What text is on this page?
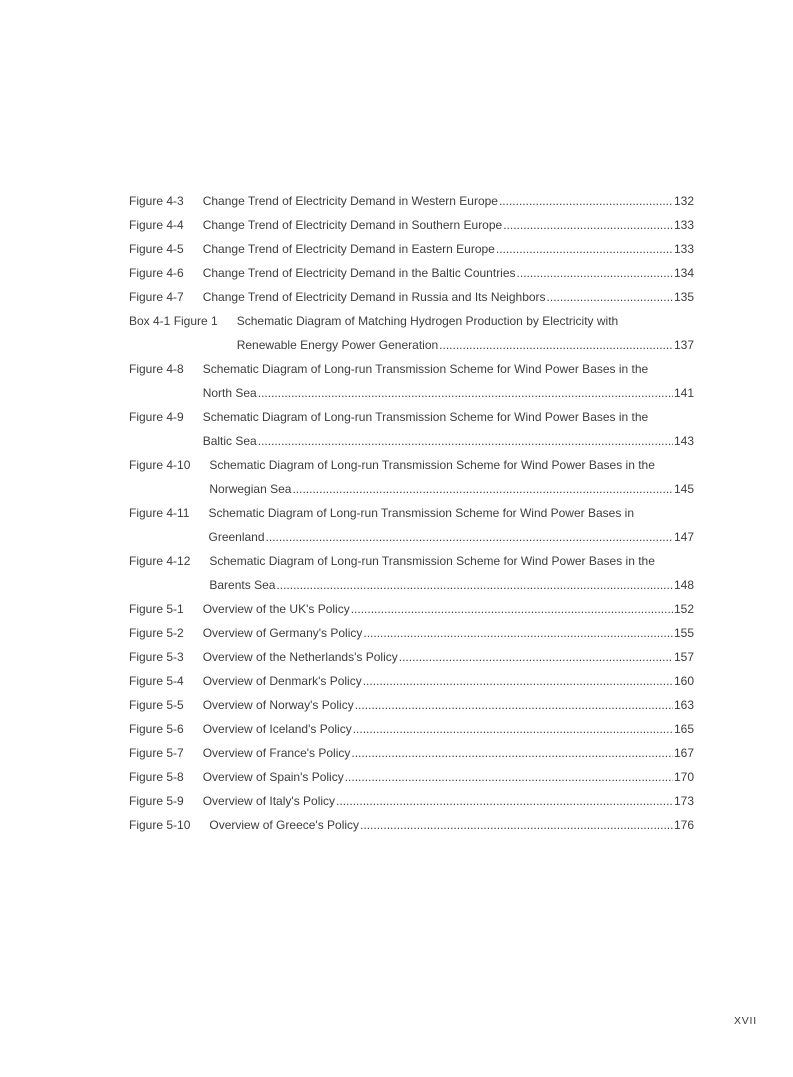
Figure 4-3 Change Trend of Electricity Demand in Western Europe .....	132
Figure 4-4 Change Trend of Electricity Demand in Southern Europe .....	133
Figure 4-5 Change Trend of Electricity Demand in Eastern Europe .....	133
Figure 4-6 Change Trend of Electricity Demand in the Baltic Countries .....	134
Figure 4-7 Change Trend of Electricity Demand in Russia and Its Neighbors .....	135
Box 4-1 Figure 1 Schematic Diagram of Matching Hydrogen Production by Electricity with
Renewable Energy Power Generation .....	137
Figure 4-8 Schematic Diagram of Long-run Transmission Scheme for Wind Power Bases in the
North Sea .....	141
Figure 4-9 Schematic Diagram of Long-run Transmission Scheme for Wind Power Bases in the
Baltic Sea .....	143
Figure 4-10 Schematic Diagram of Long-run Transmission Scheme for Wind Power Bases in the
Norwegian Sea .....	145
Figure 4-11 Schematic Diagram of Long-run Transmission Scheme for Wind Power Bases in
Greenland .....	147
Figure 4-12 Schematic Diagram of Long-run Transmission Scheme for Wind Power Bases in the
Barents Sea .....	148
Figure 5-1 Overview of the UK's Policy .....	152
Figure 5-2 Overview of Germany's Policy .....	155
Figure 5-3 Overview of the Netherlands's Policy .....	157
Figure 5-4 Overview of Denmark's Policy .....	160
Figure 5-5 Overview of Norway's Policy .....	163
Figure 5-6 Overview of Iceland's Policy .....	165
Figure 5-7 Overview of France's Policy .....	167
Figure 5-8 Overview of Spain's Policy .....	170
Figure 5-9 Overview of Italy's Policy .....	173
Figure 5-10 Overview of Greece's Policy .....	176
XVII
